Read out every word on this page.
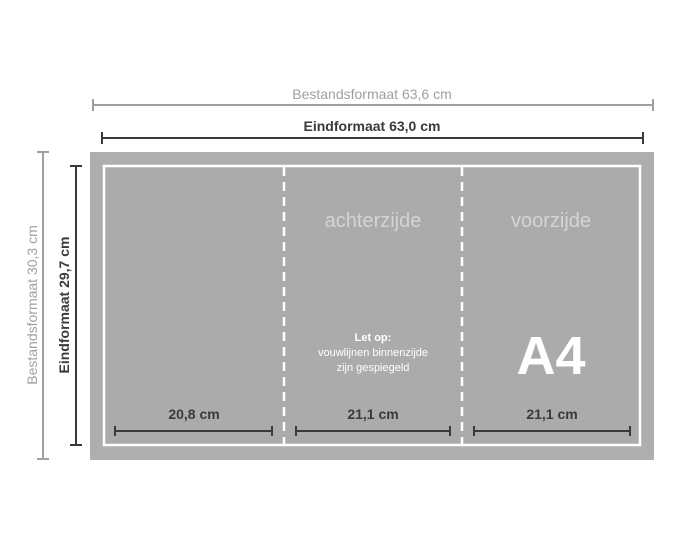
Bestandsformaat 63,6 cm
Eindformaat 63,0 cm
Bestandsformaat 30,3 cm Eindformaat 29,7 cm
achterzijde	voorzijde
Let op:
vouwlijnen binnenzijde
zijn gespiegeld A4
20,8 cm	21,1 cm	21,1 cm
